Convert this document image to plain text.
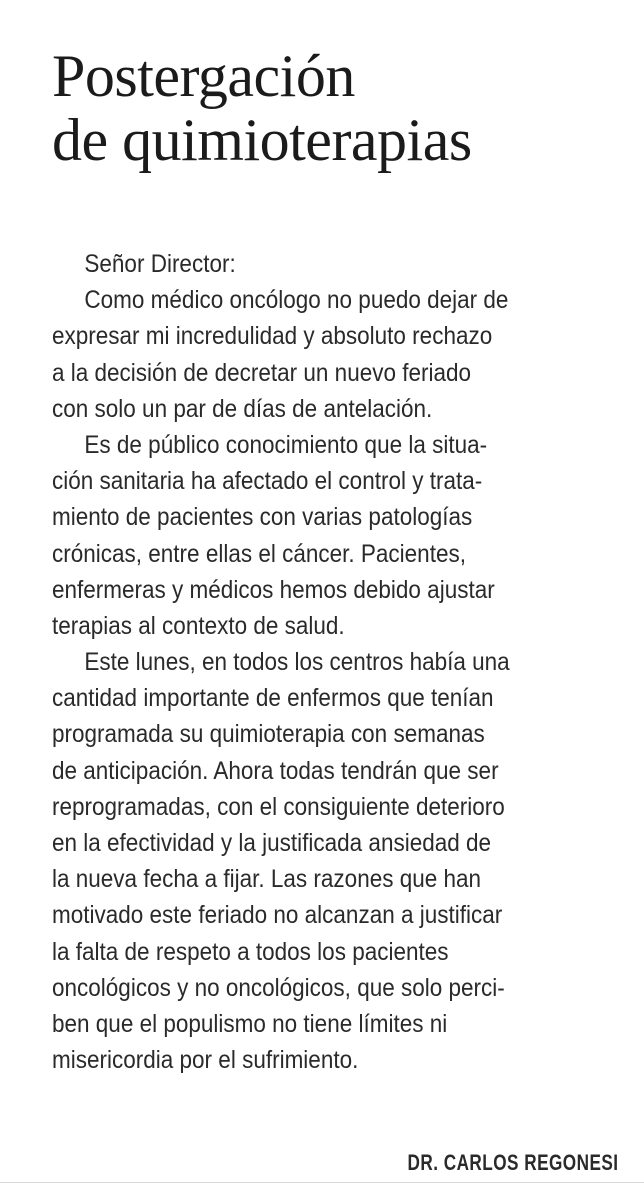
Postergación
de quimioterapias
Señor Director:
Como médico oncólogo no puedo dejar de
expresar mi incredulidad y absoluto rechazo
a la decisión de decretar un nuevo feriado
con solo un par de días de antelación.
Es de público conocimiento que la situa-
ción sanitaria ha afectado el control y trata-
miento de pacientes con varias patologías
crónicas, entre ellas el cáncer. Pacientes,
enfermeras y médicos hemos debido ajustar
terapias al contexto de salud.
Este lunes, en todos los centros había una
cantidad importante de enfermos que tenían
programada su quimioterapia con semanas
de anticipación. Ahora todas tendrán que ser
reprogramadas, con el consiguiente deterioro
en la efectividad y la justificada ansiedad de
la nueva fecha a fijar. Las razones que han
motivado este feriado no alcanzan a justificar
la falta de respeto a todos los pacientes
oncológicos y no oncológicos, que solo perci-
ben que el populismo no tiene límites ni
misericordia por el sufrimiento.
DR. CARLOS REGONESI
